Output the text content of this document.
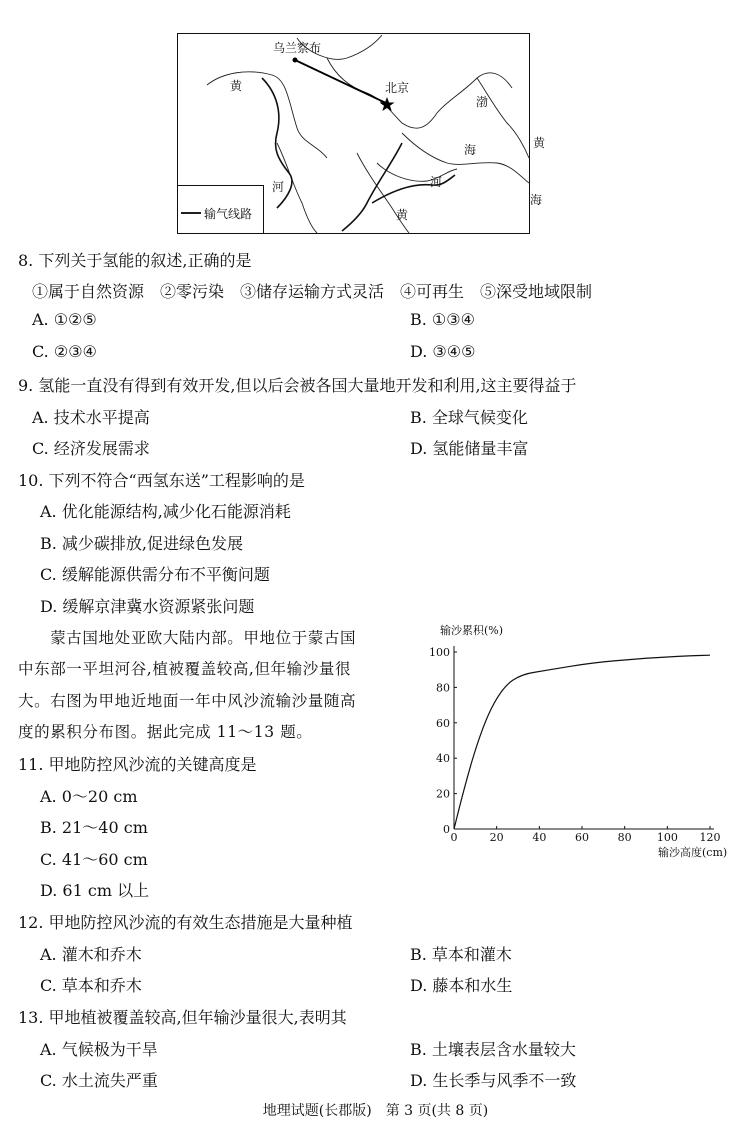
乌兰察布
北京
黄
河
渤
海
河
黄
黄
海
输气线路
8. 下列关于氢能的叙述,正确的是
①属于自然资源　②零污染　③储存运输方式灵活　④可再生　⑤深受地域限制
A. ①②⑤	B. ①③④
C. ②③④	D. ③④⑤
9. 氢能一直没有得到有效开发,但以后会被各国大量地开发和利用,这主要得益于
A. 技术水平提高	B. 全球气候变化
C. 经济发展需求	D. 氢能储量丰富
10. 下列不符合“西氢东送”工程影响的是
A. 优化能源结构,减少化石能源消耗
B. 减少碳排放,促进绿色发展
C. 缓解能源供需分布不平衡问题
D. 缓解京津冀水资源紧张问题
　　蒙古国地处亚欧大陆内部。甲地位于蒙古国
中东部一平坦河谷,植被覆盖较高,但年输沙量很
大。右图为甲地近地面一年中风沙流输沙量随高
度的累积分布图。据此完成 11～13 题。
0	20	40	60	80 100 120
0
20
40
60
80
100
输沙累积(%)
输沙高度(cm)
11. 甲地防控风沙流的关键高度是
A. 0～20 cm
B. 21～40 cm
C. 41～60 cm
D. 61 cm 以上
12. 甲地防控风沙流的有效生态措施是大量种植
A. 灌木和乔木	B. 草本和灌木
C. 草本和乔木	D. 藤本和水生
13. 甲地植被覆盖较高,但年输沙量很大,表明其
A. 气候极为干旱	B. 土壤表层含水量较大
C. 水土流失严重	D. 生长季与风季不一致
地理试题(长郡版)　第 3 页(共 8 页)
